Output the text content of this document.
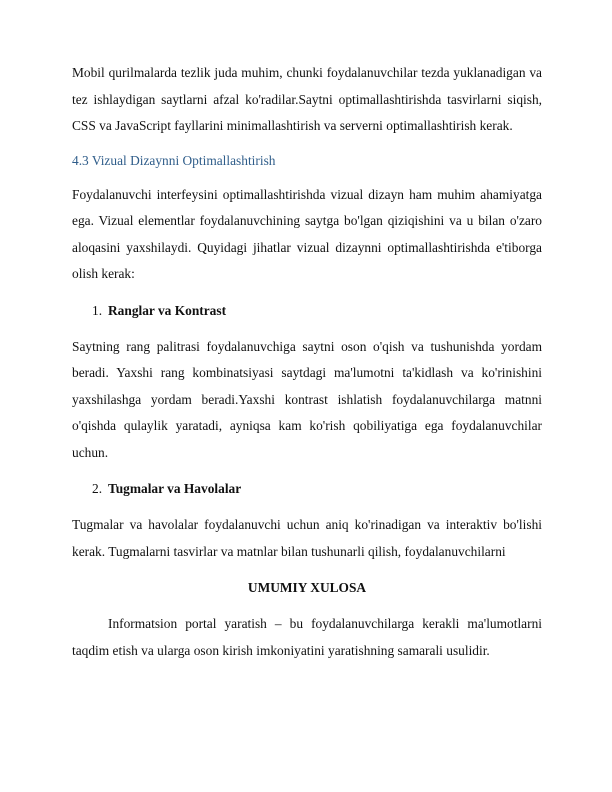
Mobil qurilmalarda tezlik juda muhim, chunki foydalanuvchilar tezda yuklanadigan va tez ishlaydigan saytlarni afzal ko'radilar.Saytni optimallashtirishda tasvirlarni siqish, CSS va JavaScript fayllarini minimallashtirish va serverni optimallashtirish kerak.

4.3 Vizual Dizaynni Optimallashtirish

Foydalanuvchi interfeysini optimallashtirishda vizual dizayn ham muhim ahamiyatga ega. Vizual elementlar foydalanuvchining saytga bo'lgan qiziqishini va u bilan o'zaro aloqasini yaxshilaydi. Quyidagi jihatlar vizual dizaynni optimallashtirishda e'tiborga olish kerak:

1. Ranglar va Kontrast

Saytning rang palitrasi foydalanuvchiga saytni oson o'qish va tushunishda yordam beradi. Yaxshi rang kombinatsiyasi saytdagi ma'lumotni ta'kidlash va ko'rinishini yaxshilashga yordam beradi.Yaxshi kontrast ishlatish foydalanuvchilarga matnni o'qishda qulaylik yaratadi, ayniqsa kam ko'rish qobiliyatiga ega foydalanuvchilar uchun.

2. Tugmalar va Havolalar

Tugmalar va havolalar foydalanuvchi uchun aniq ko'rinadigan va interaktiv bo'lishi kerak. Tugmalarni tasvirlar va matnlar bilan tushunarli qilish, foydalanuvchilarni

UMUMIY XULOSA

Informatsion portal yaratish – bu foydalanuvchilarga kerakli ma'lumotlarni taqdim etish va ularga oson kirish imkoniyatini yaratishning samarali usulidir.
